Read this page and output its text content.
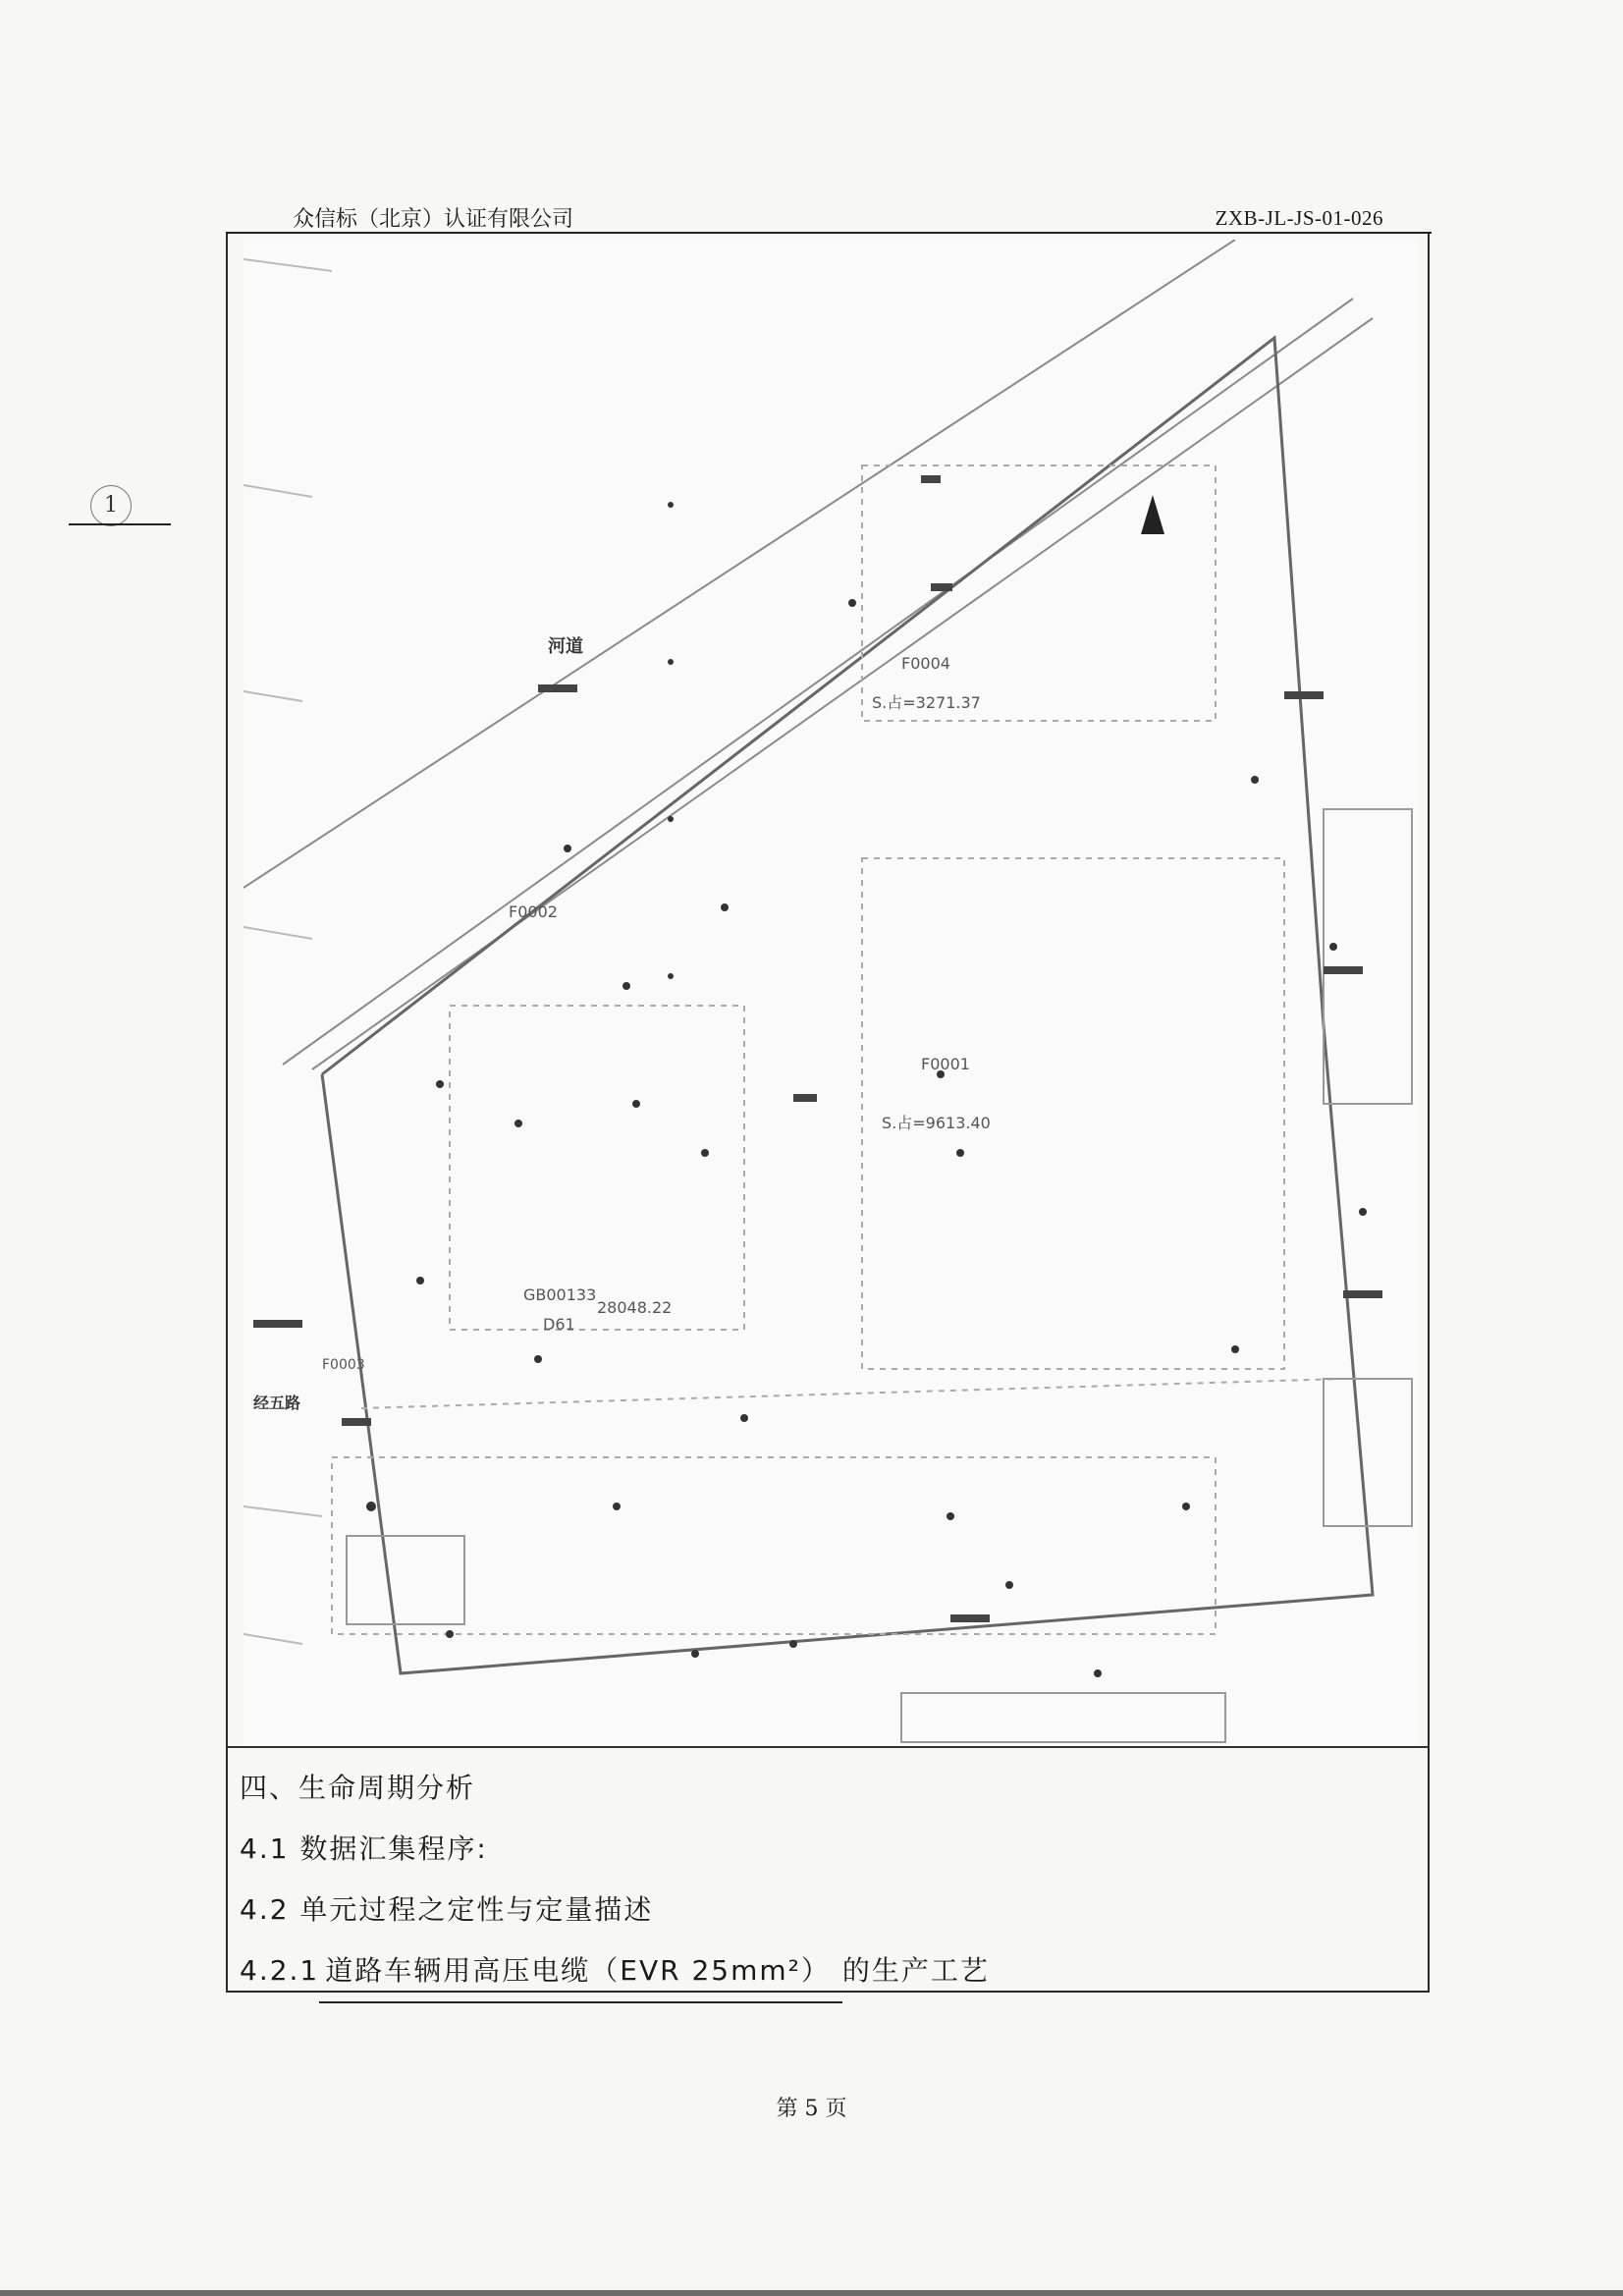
众信标（北京）认证有限公司	ZXB-JL-JS-01-026
1
河道
F0004
S.占=3271.37
F0002
F0001
S.占=9613.40
GB00133
D61
28048.22
F0003
经五路
四、生命周期分析
4.1 数据汇集程序:
4.2 单元过程之定性与定量描述
4.2.1 道路车辆用高压电缆（EVR 25mm²） 的生产工艺
第 5 页
